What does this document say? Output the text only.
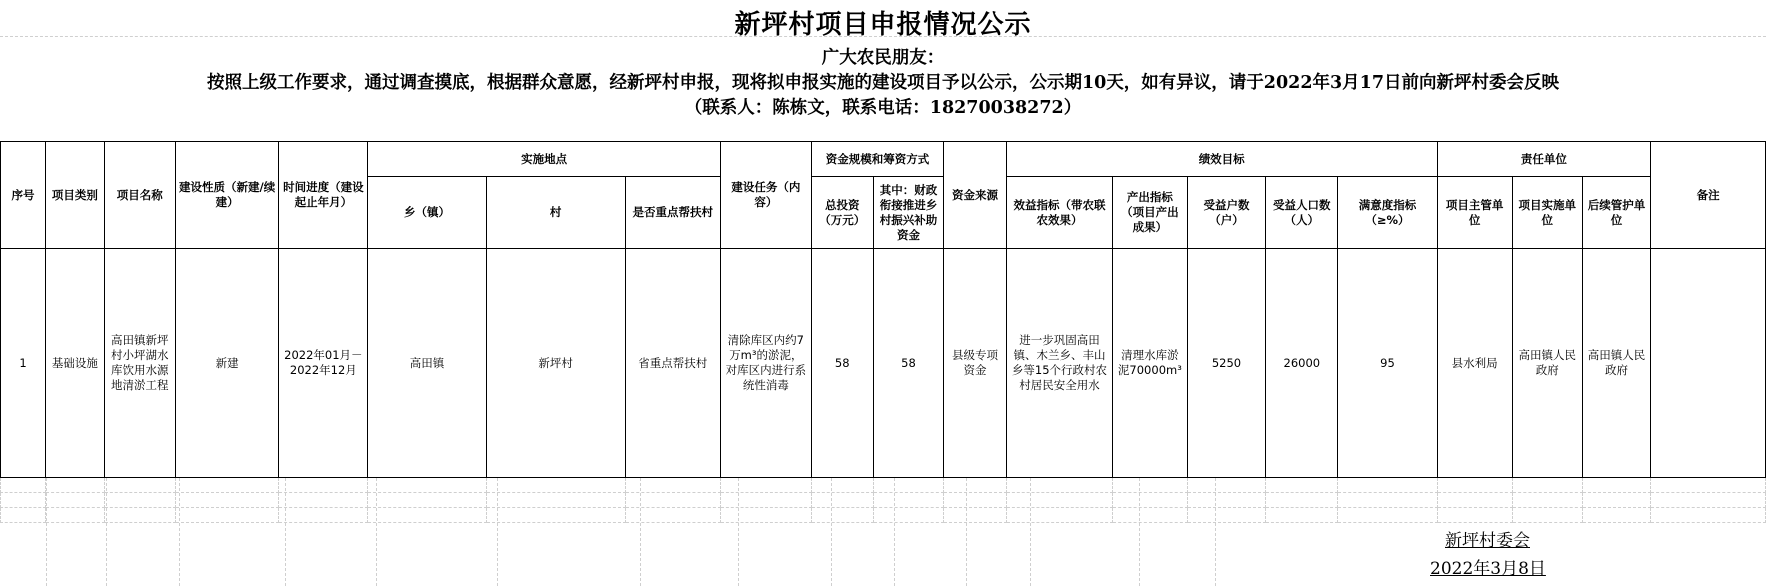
新坪村项目申报情况公示
广大农民朋友：
按照上级工作要求，通过调查摸底，根据群众意愿，经新坪村申报，现将拟申报实施的建设项目予以公示，公示期10天，如有异议，请于2022年3月17日前向新坪村委会反映
（联系人：陈栋文，联系电话：18270038272）
序号	项目类别	项目名称	建设性质（新建/续建）	时间进度（建设起止年月）	实施地点			建设任务（内容）	资金规模和筹资方式		资金来源	绩效目标					责任单位			备注
					乡（镇）	村	是否重点帮扶村		总投资（万元）	其中：财政衔接推进乡村振兴补助资金		效益指标（带农联农效果）	产出指标（项目产出成果）	受益户数（户）	受益人口数（人）	满意度指标（≥%）	项目主管单位	项目实施单位	后续管护单位	
1	基础设施	高田镇新坪村小坪湖水库饮用水源地清淤工程	新建	2022年01月－2022年12月	高田镇	新坪村	省重点帮扶村	清除库区内约7万m³的淤泥，对库区内进行系统性消毒	58	58	县级专项资金	进一步巩固高田镇、木兰乡、丰山乡等15个行政村农村居民安全用水	清理水库淤泥70000m³	5250	26000	95	县水利局	高田镇人民政府	高田镇人民政府	

新坪村委会
2022年3月8日
